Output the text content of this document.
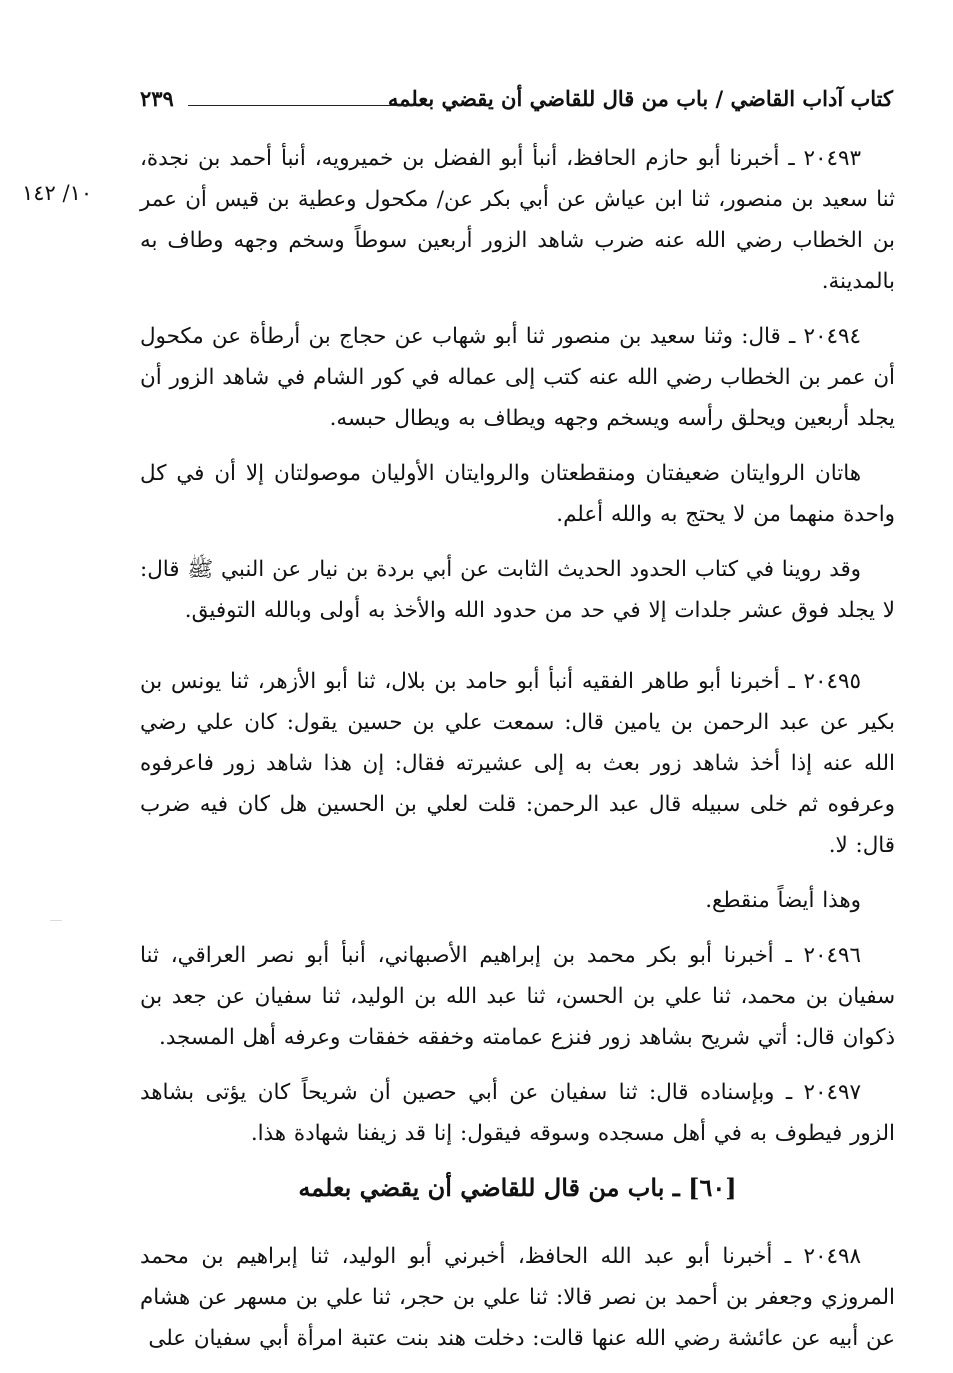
كتاب آداب القاضي / باب من قال للقاضي أن يقضي بعلمه
٢٣٩
١٠/ ١٤٢

٢٠٤٩٣ ـ أخبرنا أبو حازم الحافظ، أنبأ أبو الفضل بن خميرويه، أنبأ أحمد بن نجدة، ثنا سعيد بن منصور، ثنا ابن عياش عن أبي بكر عن/ مكحول وعطية بن قيس أن عمر بن الخطاب رضي الله عنه ضرب شاهد الزور أربعين سوطاً وسخم وجهه وطاف به بالمدينة.

٢٠٤٩٤ ـ قال: وثنا سعيد بن منصور ثنا أبو شهاب عن حجاج بن أرطأة عن مكحول أن عمر بن الخطاب رضي الله عنه كتب إلى عماله في كور الشام في شاهد الزور أن يجلد أربعين ويحلق رأسه ويسخم وجهه ويطاف به ويطال حبسه.

هاتان الروايتان ضعيفتان ومنقطعتان والروايتان الأوليان موصولتان إلا أن في كل واحدة منهما من لا يحتج به والله أعلم.

وقد روينا في كتاب الحدود الحديث الثابت عن أبي بردة بن نيار عن النبي ﷺ قال: لا يجلد فوق عشر جلدات إلا في حد من حدود الله والأخذ به أولى وبالله التوفيق.

٢٠٤٩٥ ـ أخبرنا أبو طاهر الفقيه أنبأ أبو حامد بن بلال، ثنا أبو الأزهر، ثنا يونس بن بكير عن عبد الرحمن بن يامين قال: سمعت علي بن حسين يقول: كان علي رضي الله عنه إذا أخذ شاهد زور بعث به إلى عشيرته فقال: إن هذا شاهد زور فاعرفوه وعرفوه ثم خلى سبيله قال عبد الرحمن: قلت لعلي بن الحسين هل كان فيه ضرب قال: لا.

وهذا أيضاً منقطع.

٢٠٤٩٦ ـ أخبرنا أبو بكر محمد بن إبراهيم الأصبهاني، أنبأ أبو نصر العراقي، ثنا سفيان بن محمد، ثنا علي بن الحسن، ثنا عبد الله بن الوليد، ثنا سفيان عن جعد بن ذكوان قال: أتي شريح بشاهد زور فنزع عمامته وخفقه خفقات وعرفه أهل المسجد.

٢٠٤٩٧ ـ وبإسناده قال: ثنا سفيان عن أبي حصين أن شريحاً كان يؤتى بشاهد الزور فيطوف به في أهل مسجده وسوقه فيقول: إنا قد زيفنا شهادة هذا.

[٦٠] ـ باب من قال للقاضي أن يقضي بعلمه

٢٠٤٩٨ ـ أخبرنا أبو عبد الله الحافظ، أخبرني أبو الوليد، ثنا إبراهيم بن محمد المروزي وجعفر بن أحمد بن نصر قالا: ثنا علي بن حجر، ثنا علي بن مسهر عن هشام عن أبيه عن عائشة رضي الله عنها قالت: دخلت هند بنت عتبة امرأة أبي سفيان على
